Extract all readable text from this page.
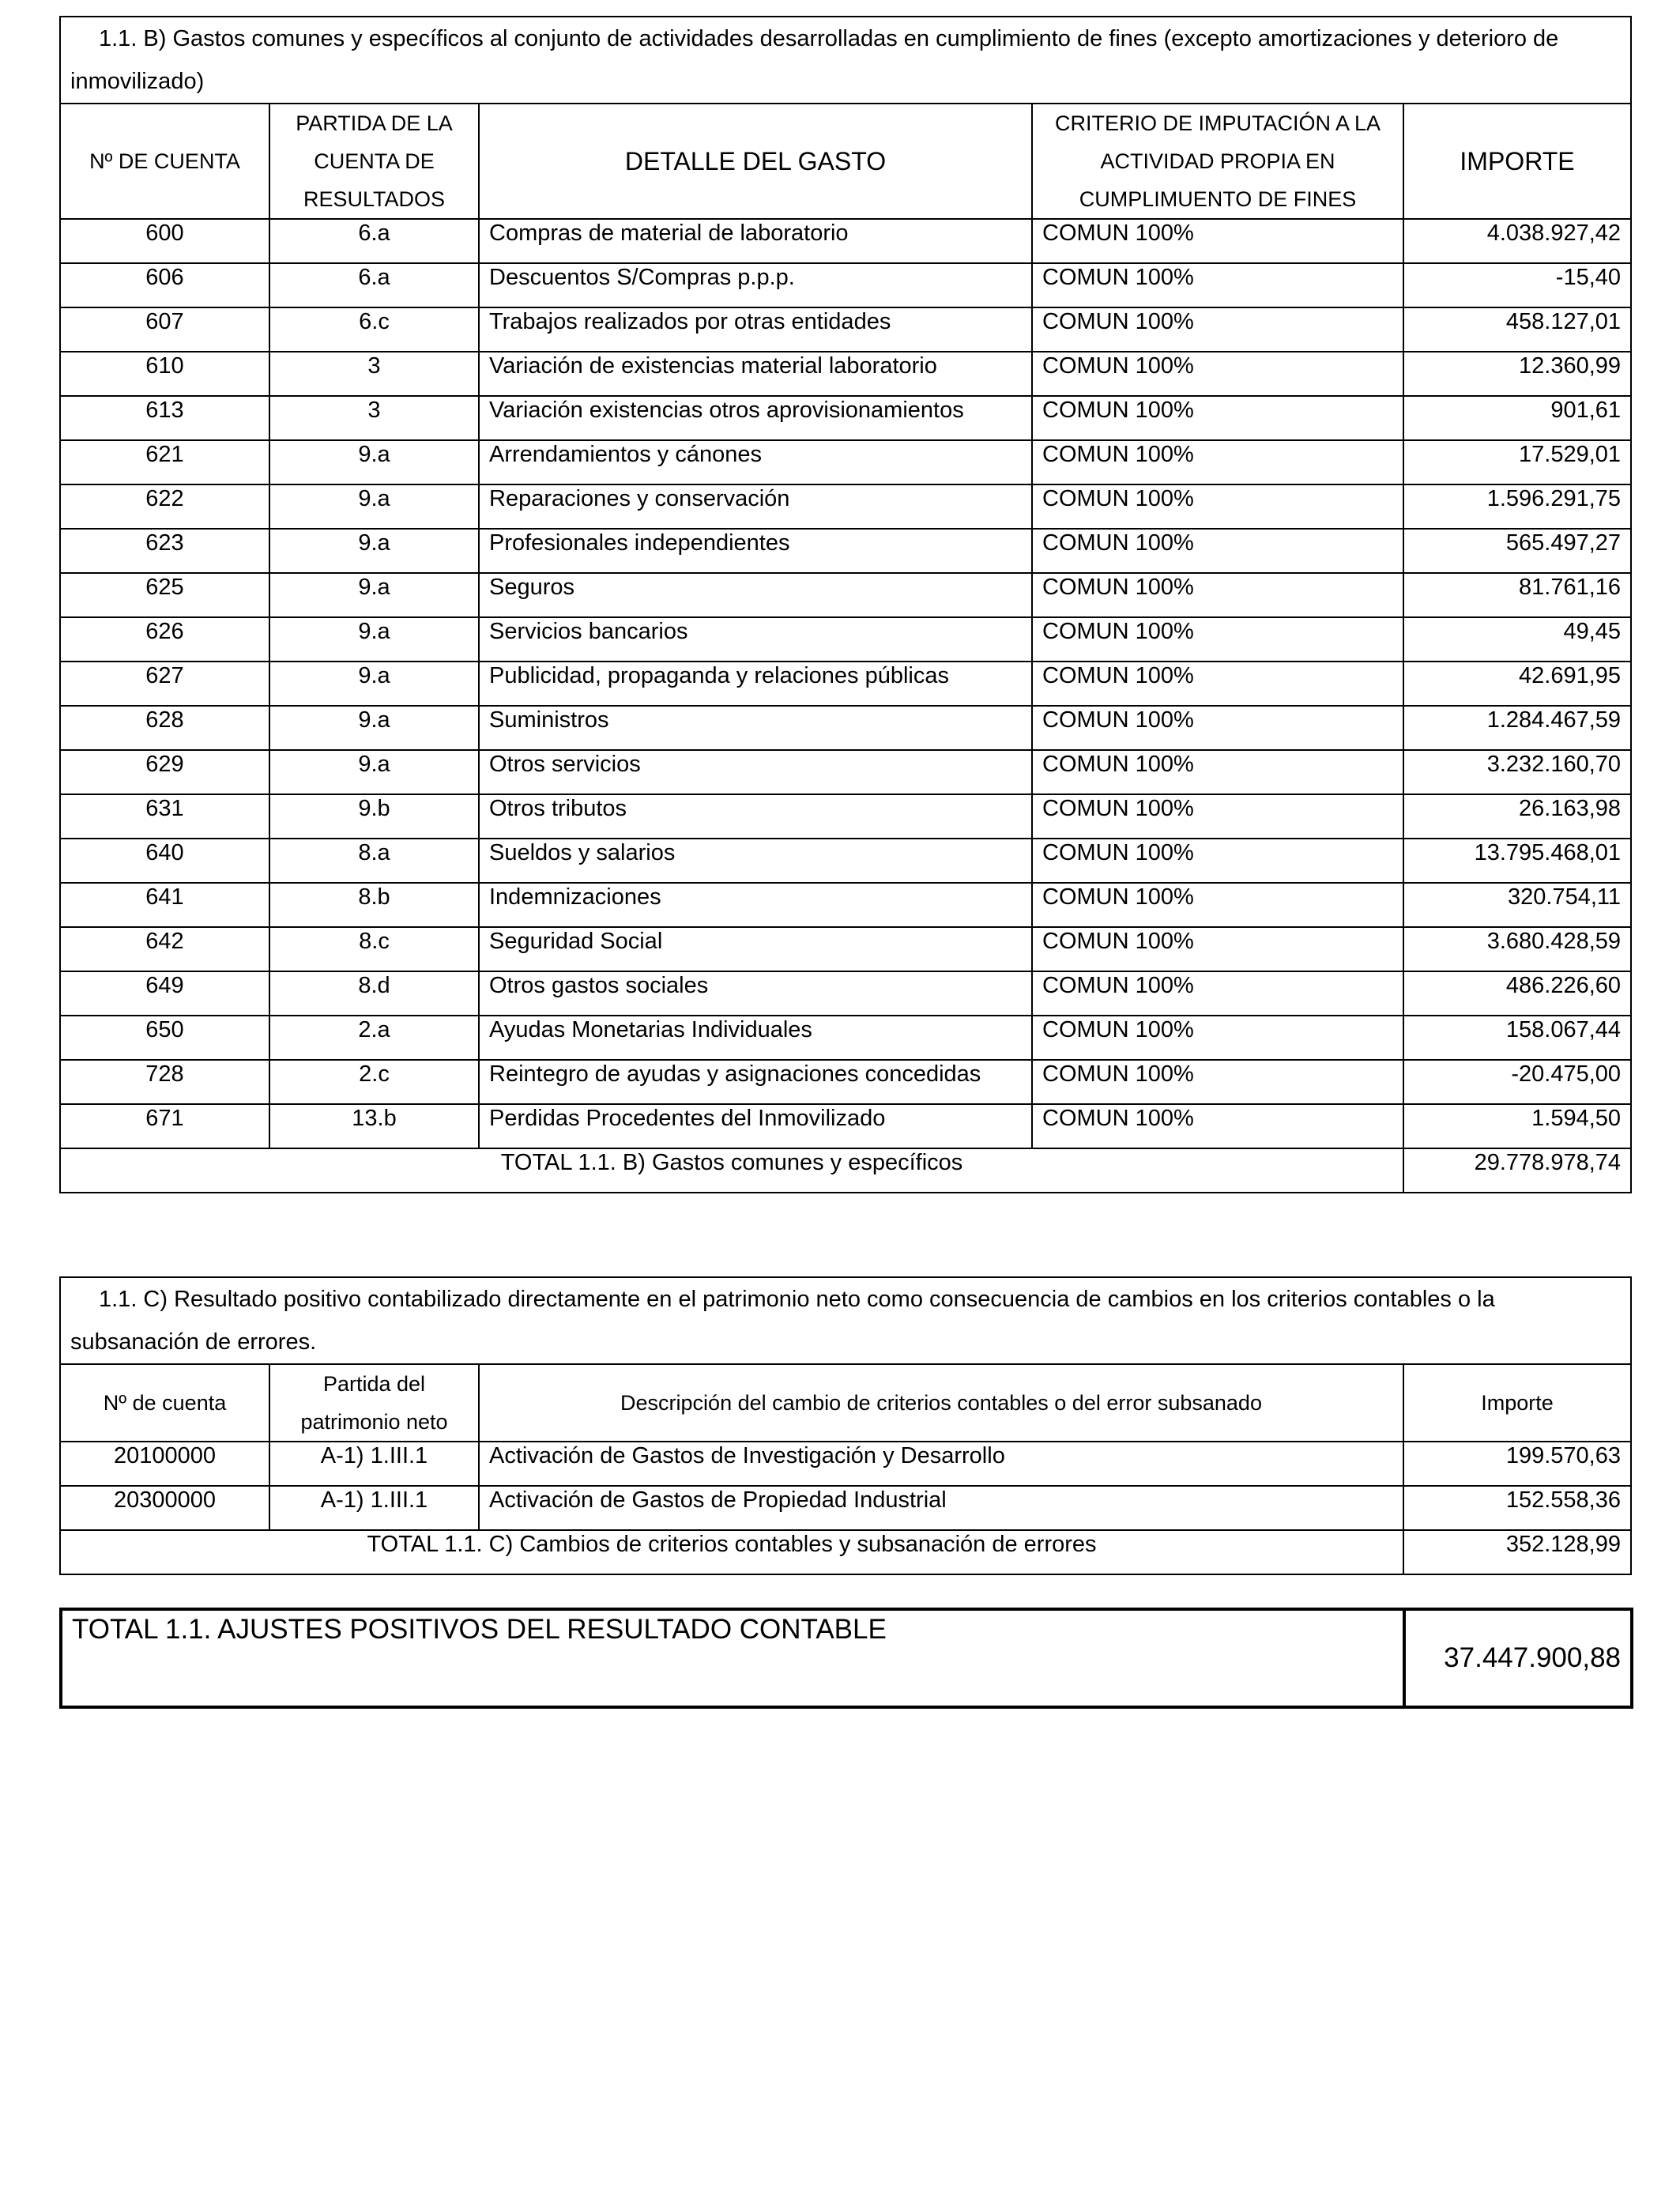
1.1. B) Gastos comunes y específicos al conjunto de actividades desarrolladas en cumplimiento de fines (excepto amortizaciones y deterioro de inmovilizado)				
Nº DE CUENTA	PARTIDA DE LA CUENTA DE RESULTADOS	DETALLE DEL GASTO	CRITERIO DE IMPUTACIÓN A LA ACTIVIDAD PROPIA EN CUMPLIMUENTO DE FINES	IMPORTE
600	6.a	Compras de material de laboratorio	COMUN 100%	4.038.927,42
606	6.a	Descuentos S/Compras p.p.p.	COMUN 100%	-15,40
607	6.c	Trabajos realizados por otras entidades	COMUN 100%	458.127,01
610	3	Variación de existencias material laboratorio	COMUN 100%	12.360,99
613	3	Variación existencias otros aprovisionamientos	COMUN 100%	901,61
621	9.a	Arrendamientos y cánones	COMUN 100%	17.529,01
622	9.a	Reparaciones y conservación	COMUN 100%	1.596.291,75
623	9.a	Profesionales independientes	COMUN 100%	565.497,27
625	9.a	Seguros	COMUN 100%	81.761,16
626	9.a	Servicios bancarios	COMUN 100%	49,45
627	9.a	Publicidad, propaganda y relaciones públicas	COMUN 100%	42.691,95
628	9.a	Suministros	COMUN 100%	1.284.467,59
629	9.a	Otros servicios	COMUN 100%	3.232.160,70
631	9.b	Otros tributos	COMUN 100%	26.163,98
640	8.a	Sueldos y salarios	COMUN 100%	13.795.468,01
641	8.b	Indemnizaciones	COMUN 100%	320.754,11
642	8.c	Seguridad Social	COMUN 100%	3.680.428,59
649	8.d	Otros gastos sociales	COMUN 100%	486.226,60
650	2.a	Ayudas Monetarias Individuales	COMUN 100%	158.067,44
728	2.c	Reintegro de ayudas y asignaciones concedidas	COMUN 100%	-20.475,00
671	13.b	Perdidas Procedentes del Inmovilizado	COMUN 100%	1.594,50
TOTAL 1.1. B) Gastos comunes y específicos				29.778.978,74
1.1. C) Resultado positivo contabilizado directamente en el patrimonio neto como consecuencia de cambios en los criterios contables o la subsanación de errores.			
Nº de cuenta	Partida del patrimonio neto	Descripción del cambio de criterios contables o del error subsanado	Importe
20100000	A-1) 1.III.1	Activación de Gastos de Investigación y Desarrollo	199.570,63
20300000	A-1) 1.III.1	Activación de Gastos de Propiedad Industrial	152.558,36
TOTAL 1.1. C) Cambios de criterios contables y subsanación de errores			352.128,99
TOTAL 1.1. AJUSTES POSITIVOS DEL RESULTADO CONTABLE	37.447.900,88
